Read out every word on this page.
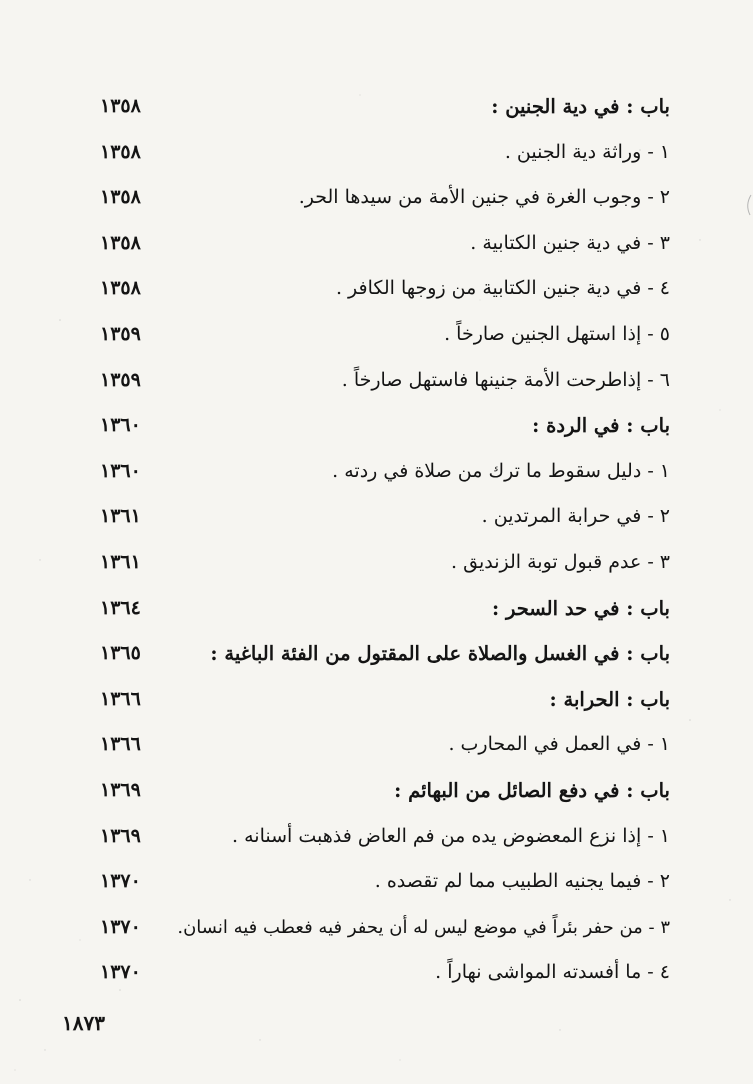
باب : في دية الجنين :
١٣٥٨
١ - وراثة دية الجنين .
١٣٥٨
٢ - وجوب الغرة في جنين الأمة من سيدها الحر.
١٣٥٨
٣ - في دية جنين الكتابية .
١٣٥٨
٤ - في دية جنين الكتابية من زوجها الكافر .
١٣٥٨
٥ - إذا استهل الجنين صارخاً .
١٣٥٩
٦ - إذاطرحت الأمة جنينها فاستهل صارخاً .
١٣٥٩
باب : في الردة :
١٣٦٠
١ - دليل سقوط ما ترك من صلاة في ردته .
١٣٦٠
٢ - في حرابة المرتدين .
١٣٦١
٣ - عدم قبول توبة الزنديق .
١٣٦١
باب : في حد السحر :
١٣٦٤
باب : في الغسل والصلاة على المقتول من الفئة الباغية :
١٣٦٥
باب : الحرابة :
١٣٦٦
١ - في العمل في المحارب .
١٣٦٦
باب : في دفع الصائل من البهائم :
١٣٦٩
١ - إذا نزع المعضوض يده من فم العاض فذهبت أسنانه .
١٣٦٩
٢ - فيما يجنيه الطبيب مما لم تقصده .
١٣٧٠
٣ - من حفر بئراً في موضع ليس له أن يحفر فيه فعطب فيه انسان.
١٣٧٠
٤ - ما أفسدته المواشى نهاراً .
١٣٧٠
١٨٧٣
